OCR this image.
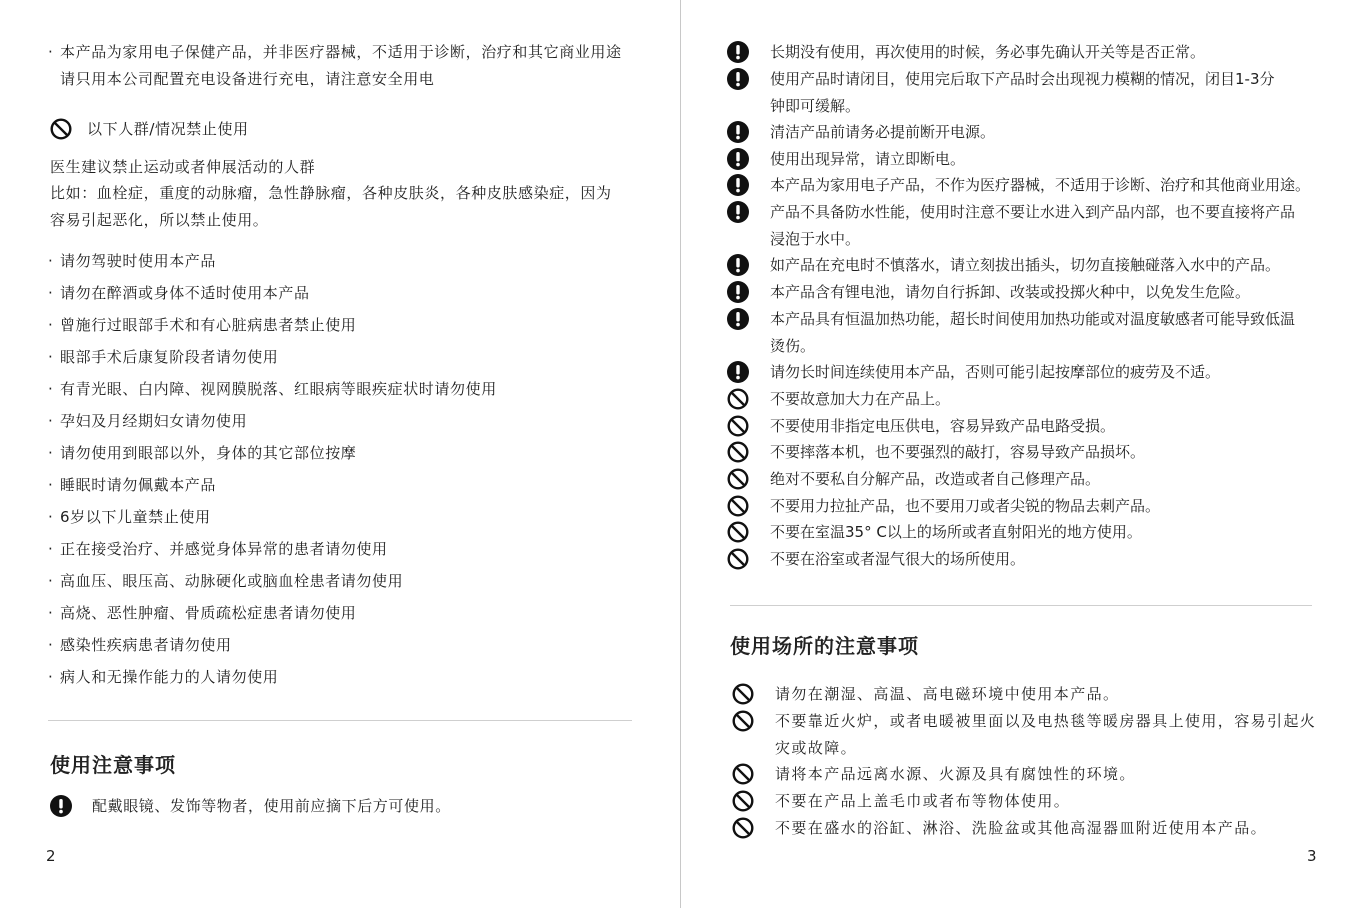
· 本产品为家用电子保健产品，并非医疗器械，不适用于诊断，治疗和其它商业用途
请只用本公司配置充电设备进行充电，请注意安全用电
以下人群/情况禁止使用
医生建议禁止运动或者伸展活动的人群
比如：血栓症，重度的动脉瘤，急性静脉瘤，各种皮肤炎，各种皮肤感染症，因为
容易引起恶化，所以禁止使用。
· 请勿驾驶时使用本产品
· 请勿在醉酒或身体不适时使用本产品
· 曾施行过眼部手术和有心脏病患者禁止使用
· 眼部手术后康复阶段者请勿使用
· 有青光眼、白内障、视网膜脱落、红眼病等眼疾症状时请勿使用
· 孕妇及月经期妇女请勿使用
· 请勿使用到眼部以外，身体的其它部位按摩
· 睡眠时请勿佩戴本产品
· 6岁以下儿童禁止使用
· 正在接受治疗、并感觉身体异常的患者请勿使用
· 高血压、眼压高、动脉硬化或脑血栓患者请勿使用
· 高烧、恶性肿瘤、骨质疏松症患者请勿使用
· 感染性疾病患者请勿使用
· 病人和无操作能力的人请勿使用
使用注意事项
配戴眼镜、发饰等物者，使用前应摘下后方可使用。
2
长期没有使用，再次使用的时候，务必事先确认开关等是否正常。
使用产品时请闭目，使用完后取下产品时会出现视力模糊的情况，闭目1-3分
钟即可缓解。
清洁产品前请务必提前断开电源。
使用出现异常，请立即断电。
本产品为家用电子产品，不作为医疗器械，不适用于诊断、治疗和其他商业用途。
产品不具备防水性能，使用时注意不要让水进入到产品内部，也不要直接将产品
浸泡于水中。
如产品在充电时不慎落水，请立刻拔出插头，切勿直接触碰落入水中的产品。
本产品含有锂电池，请勿自行拆卸、改装或投掷火种中，以免发生危险。
本产品具有恒温加热功能，超长时间使用加热功能或对温度敏感者可能导致低温
烫伤。
请勿长时间连续使用本产品，否则可能引起按摩部位的疲劳及不适。
不要故意加大力在产品上。
不要使用非指定电压供电，容易异致产品电路受损。
不要摔落本机，也不要强烈的敲打，容易导致产品损坏。
绝对不要私自分解产品，改造或者自己修理产品。
不要用力拉扯产品，也不要用刀或者尖锐的物品去刺产品。
不要在室温35° C以上的场所或者直射阳光的地方使用。
不要在浴室或者湿气很大的场所使用。
使用场所的注意事项
请勿在潮湿、高温、高电磁环境中使用本产品。
不要靠近火炉，或者电暖被里面以及电热毯等暖房器具上使用，容易引起火
灾或故障。
请将本产品远离水源、火源及具有腐蚀性的环境。
不要在产品上盖毛巾或者布等物体使用。
不要在盛水的浴缸、淋浴、洗脸盆或其他高湿器皿附近使用本产品。
3
